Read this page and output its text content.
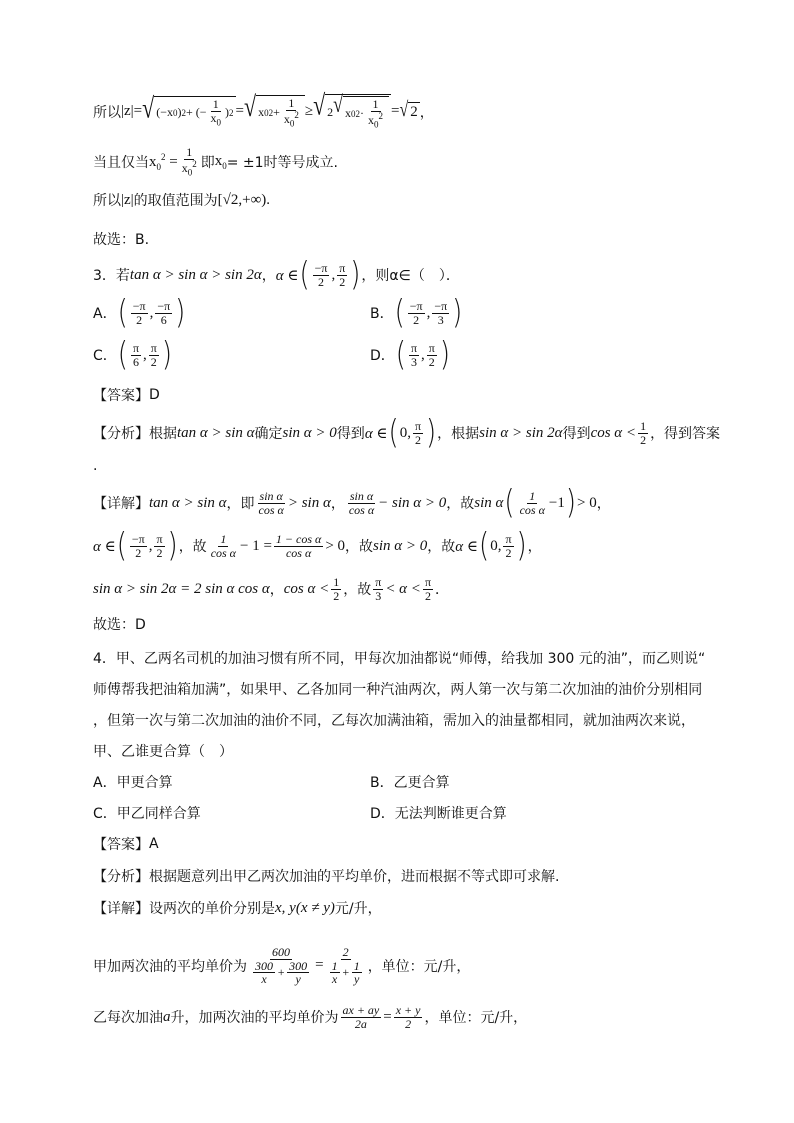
所以 |z| = √ (−x 0 ) 2 + (− $\frac{1}{x_0}$ ) 2 = √ x 0 $2 + \frac{1}{x_0^2}$ ≥ √ 2 √ x 0 $2 \cdot \frac{1}{x_0^2}$ = √ 2 ，
当且仅当 $x_0^2 = \frac{1}{x_0^2}$ 即 $x_0 = \pm 1$时等号成立.
所以 |z| 的取值范围为 [√2,+∞).
故选：B.
3．若 tan α > sin α > sin 2α ， α ∈ ( $\frac{-\pi}{2}$ , $\frac{\pi}{2}$ ) ，则α∈（　）．
A． ( $\frac{-\pi}{2}$ , $\frac{-\pi}{6}$ )	B． ( $\frac{-\pi}{2}$ , $\frac{-\pi}{3}$ )
C． ( $\frac{\pi}{6}$ , $\frac{\pi}{2}$ )	D． ( $\frac{\pi}{3}$ , $\frac{\pi}{2}$ )
【答案】 D
【分析】 根据 tan α > sin α 确定 sin α > 0 得到 α ∈ ( 0, $\frac{\pi}{2}$ ) ，根据 sin α > sin 2α 得到 $\cos \alpha < \frac{1}{2}$ ，得到答案
.
【详解】 tan α > sin α ，即 $\frac{\text{sin α}}{\text{cos α}} > \sin \alpha$ ， $\frac{\text{sin α}}{\text{cos α}} - \sin \alpha > 0$ ，故 sin α ( $\frac{1}{\text{cos α}} -1$ ) > 0 ，
α ∈ ( $\frac{-\pi}{2}$ , $\frac{\pi}{2}$ ) ，故 $\frac{1}{\text{cos α}} - 1 = \frac{\text{1 − cos α}}{\text{cos α}} > 0$ ，故 sin α > 0 ，故 α ∈ ( 0, $\frac{\pi}{2}$ ) ，
sin α > sin 2α = 2 sin α cos α ， $\cos \alpha < \frac{1}{2}$ ，故 $\frac{\pi}{3} < \alpha < \frac{\pi}{2}$ ．
故选：D
4．甲、乙两名司机的加油习惯有所不同，甲每次加油都说“师傅，给我加 300 元的油”，而乙则说“
师傅帮我把油箱加满”，如果甲、乙各加同一种汽油两次，两人第一次与第二次加油的油价分别相同
，但第一次与第二次加油的油价不同，乙每次加满油箱，需加入的油量都相同，就加油两次来说，
甲、乙谁更合算（　）
A．甲更合算	B．乙更合算
C．甲乙同样合算	D．无法判断谁更合算
【答案】 A
【分析】 根据题意列出甲乙两次加油的平均单价，进而根据不等式即可求解.
【详解】 设两次的单价分别是 x, y (x ≠ y) 元/升，
甲加两次油的平均单价为 $\frac{600}{\frac{300}{x} + \frac{300}{y}} = \frac{2}{\frac{1}{x} + \frac{1}{y}}$ ，单位：元/升，
乙每次加油 a 升，加两次油的平均单价为 $\frac{ax + ay}{2a} = \frac{x + y}{2}$ ，单位：元/升，
